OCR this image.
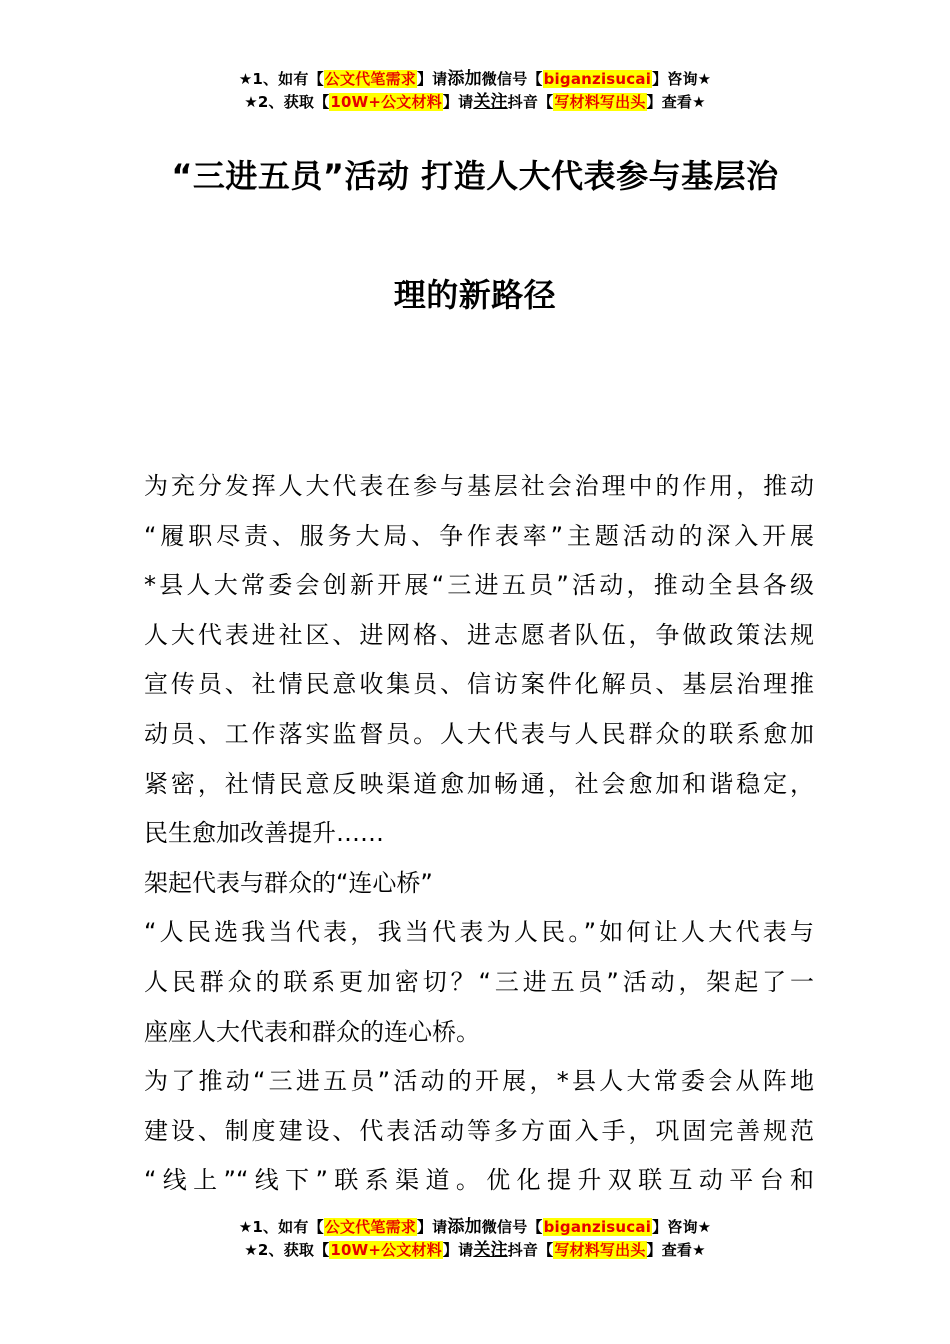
★1、如有【公文代笔需求】请添加微信号【biganzisucai】咨询★
★2、获取【10W+公文材料】请关注抖音【写材料写出头】查看★
“三进五员”活动 打造人大代表参与基层治
理的新路径
为充分发挥人大代表在参与基层社会治理中的作用，推动
“履职尽责、服务大局、争作表率”主题活动的深入开展
*县人大常委会创新开展“三进五员”活动，推动全县各级
人大代表进社区、进网格、进志愿者队伍，争做政策法规
宣传员、社情民意收集员、信访案件化解员、基层治理推
动员、工作落实监督员。人大代表与人民群众的联系愈加
紧密，社情民意反映渠道愈加畅通，社会愈加和谐稳定，
民生愈加改善提升……
架起代表与群众的“连心桥”
“人民选我当代表，我当代表为人民。”如何让人大代表与
人民群众的联系更加密切？“三进五员”活动，架起了一
座座人大代表和群众的连心桥。
为了推动“三进五员”活动的开展，*县人大常委会从阵地
建设、制度建设、代表活动等多方面入手，巩固完善规范
“线上”“线下”联系渠道。优化提升双联互动平台和
★1、如有【公文代笔需求】请添加微信号【biganzisucai】咨询★
★2、获取【10W+公文材料】请关注抖音【写材料写出头】查看★
